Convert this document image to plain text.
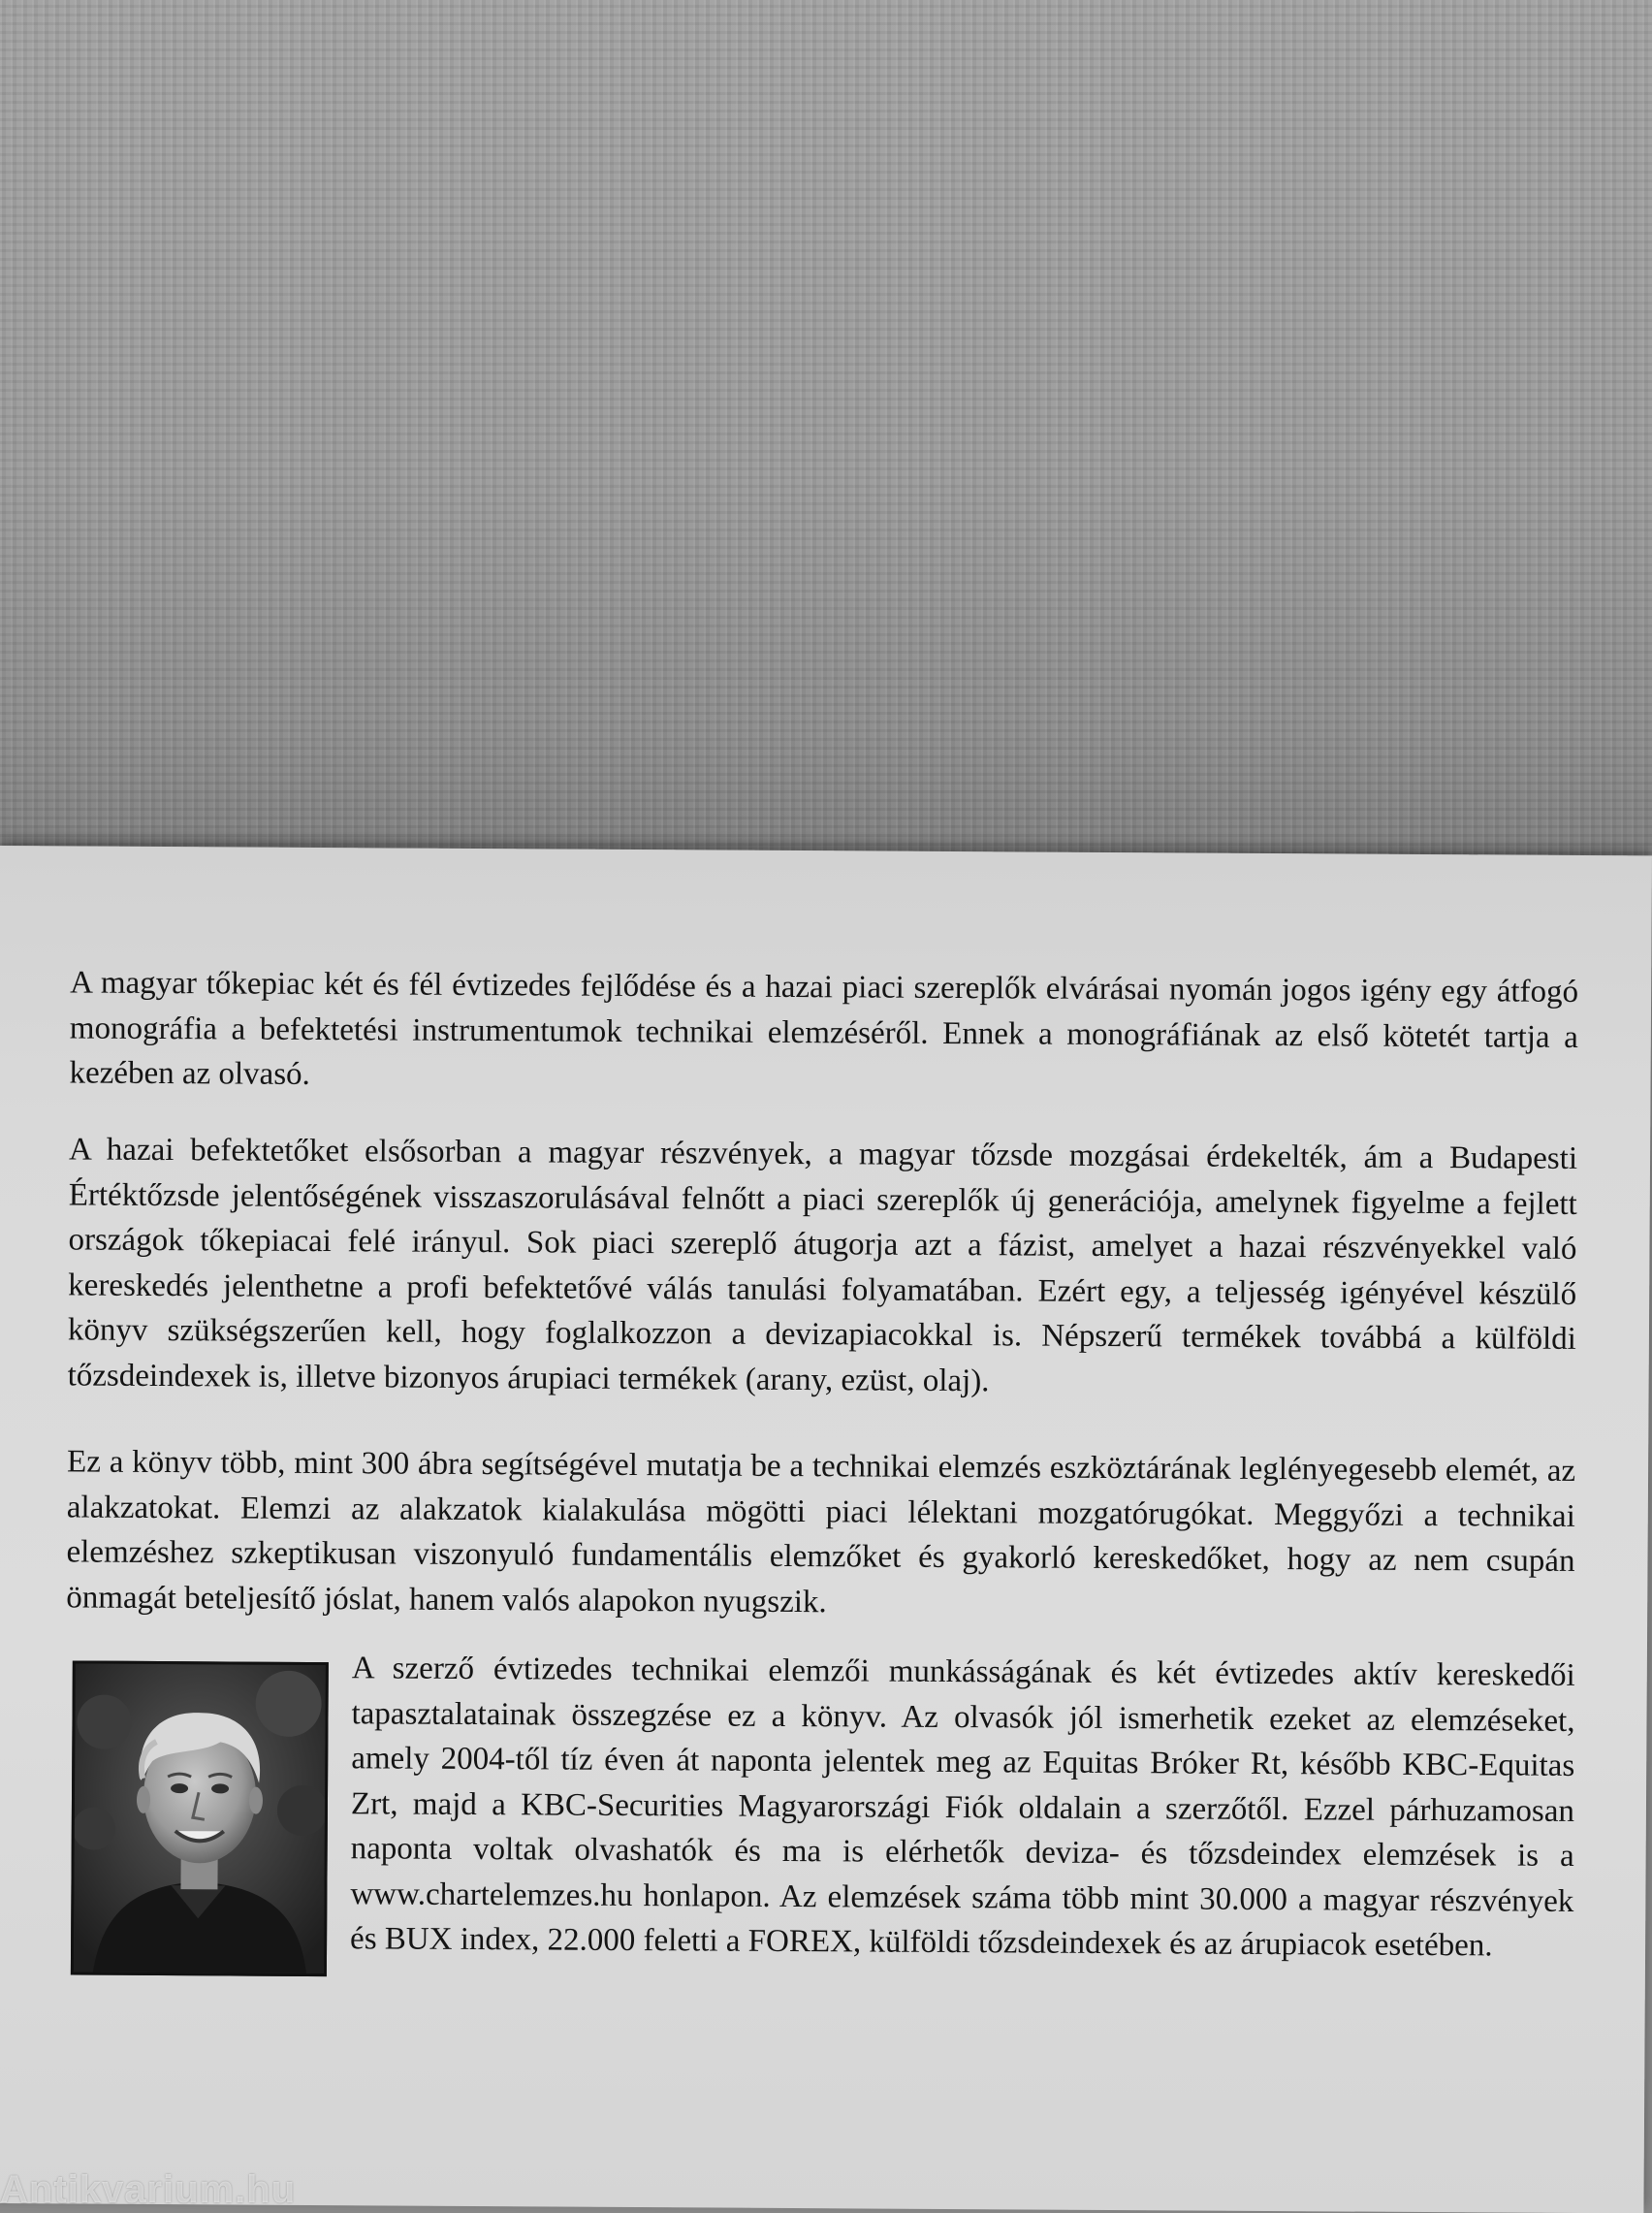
A magyar tőkepiac két és fél évtizedes fejlődése és a hazai piaci szereplők elvárásai nyomán jogos igény egy átfogó monográfia a befektetési instrumentumok technikai elemzéséről. Ennek a monográfiának az első kötetét tartja a kezében az olvasó.

A hazai befektetőket elsősorban a magyar részvények, a magyar tőzsde mozgásai érdekelték, ám a Budapesti Értéktőzsde jelentőségének visszaszorulásával felnőtt a piaci szereplők új generációja, amelynek figyelme a fejlett országok tőkepiacai felé irányul. Sok piaci szereplő átugorja azt a fázist, amelyet a hazai részvényekkel való kereskedés jelenthetne a profi befektetővé válás tanulási folyamatában. Ezért egy, a teljesség igényével készülő könyv szükségszerűen kell, hogy foglalkozzon a devizapiacokkal is. Népszerű termékek továbbá a külföldi tőzsdeindexek is, illetve bizonyos árupiaci termékek (arany, ezüst, olaj).

Ez a könyv több, mint 300 ábra segítségével mutatja be a technikai elemzés eszköztárának leglényegesebb elemét, az alakzatokat. Elemzi az alakzatok kialakulása mögötti piaci lélektani mozgatórugókat. Meggyőzi a technikai elemzéshez szkeptikusan viszonyuló fundamentális elemzőket és gyakorló kereskedőket, hogy az nem csupán önmagát beteljesítő jóslat, hanem valós alapokon nyugszik.

A szerző évtizedes technikai elemzői munkásságának és két évtizedes aktív kereskedői tapasztalatainak összegzése ez a könyv. Az olvasók jól ismerhetik ezeket az elemzéseket, amely 2004-től tíz éven át naponta jelentek meg az Equitas Bróker Rt, később KBC-Equitas Zrt, majd a KBC-Securities Magyarországi Fiók oldalain a szerzőtől. Ezzel párhuzamosan naponta voltak olvashatók és ma is elérhetők deviza- és tőzsdeindex elemzések is a www.chartelemzes.hu honlapon. Az elemzések száma több mint 30.000 a magyar részvények és BUX index, 22.000 feletti a FOREX, külföldi tőzsdeindexek és az árupiacok esetében.

Antikvarium.hu
